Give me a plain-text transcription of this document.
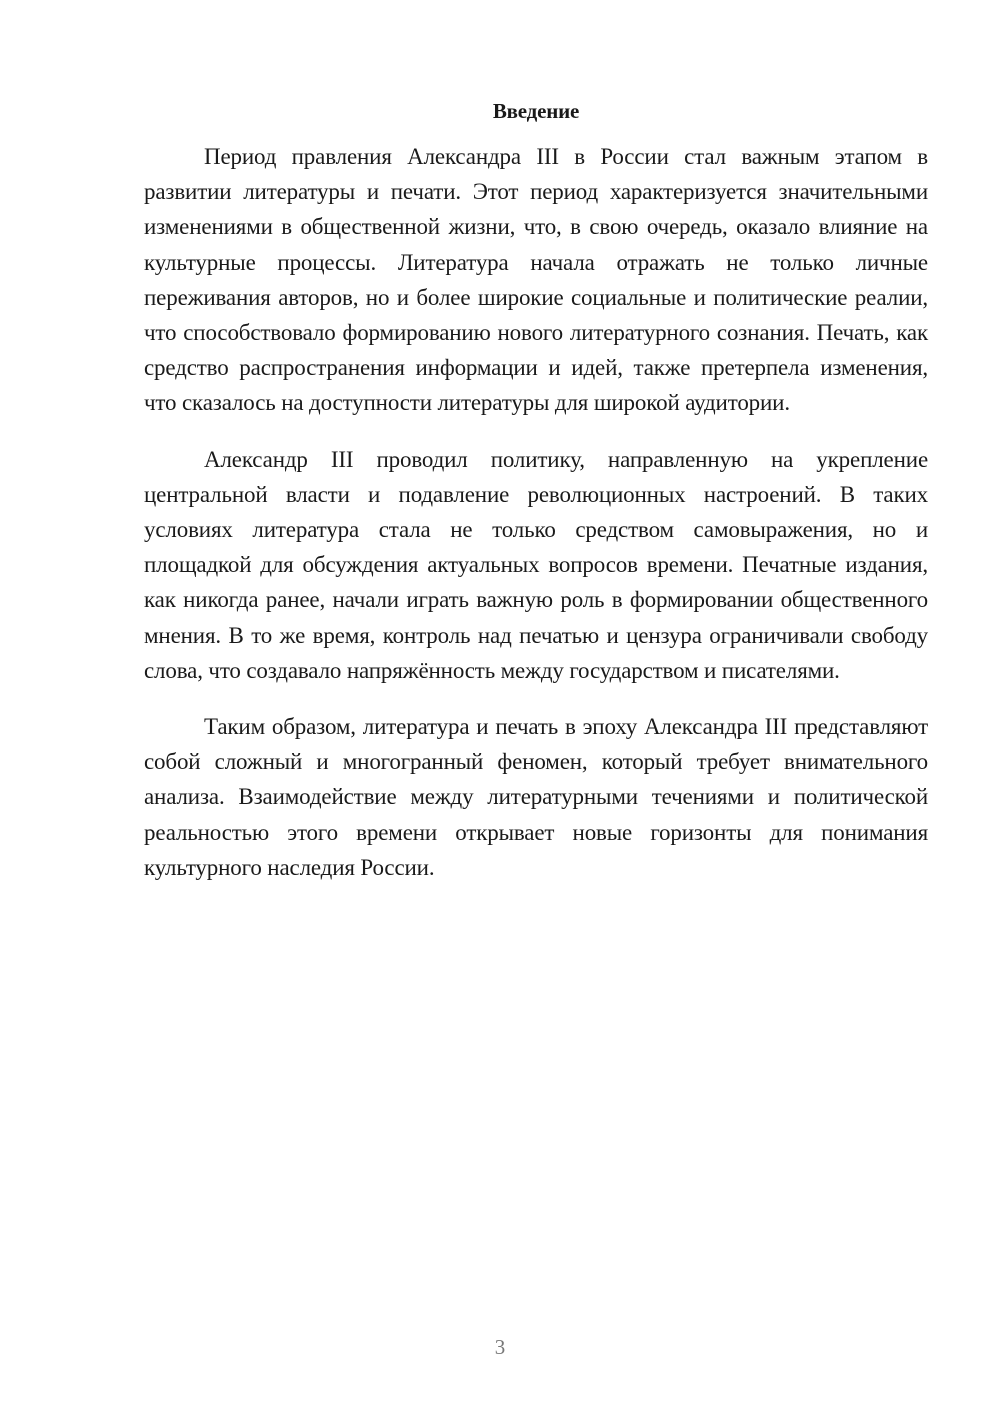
Введение

Период правления Александра III в России стал важным этапом в развитии литературы и печати. Этот период характеризуется значительными изменениями в общественной жизни, что, в свою очередь, оказало влияние на культурные процессы. Литература начала отражать не только личные переживания авторов, но и более широкие социальные и политические реалии, что способствовало формированию нового литературного сознания. Печать, как средство распространения информации и идей, также претерпела изменения, что сказалось на доступности литературы для широкой аудитории.

Александр III проводил политику, направленную на укрепление центральной власти и подавление революционных настроений. В таких условиях литература стала не только средством самовыражения, но и площадкой для обсуждения актуальных вопросов времени. Печатные издания, как никогда ранее, начали играть важную роль в формировании общественного мнения. В то же время, контроль над печатью и цензура ограничивали свободу слова, что создавало напряжённость между государством и писателями.

Таким образом, литература и печать в эпоху Александра III представляют собой сложный и многогранный феномен, который требует внимательного анализа. Взаимодействие между литературными течениями и политической реальностью этого времени открывает новые горизонты для понимания культурного наследия России.

3
